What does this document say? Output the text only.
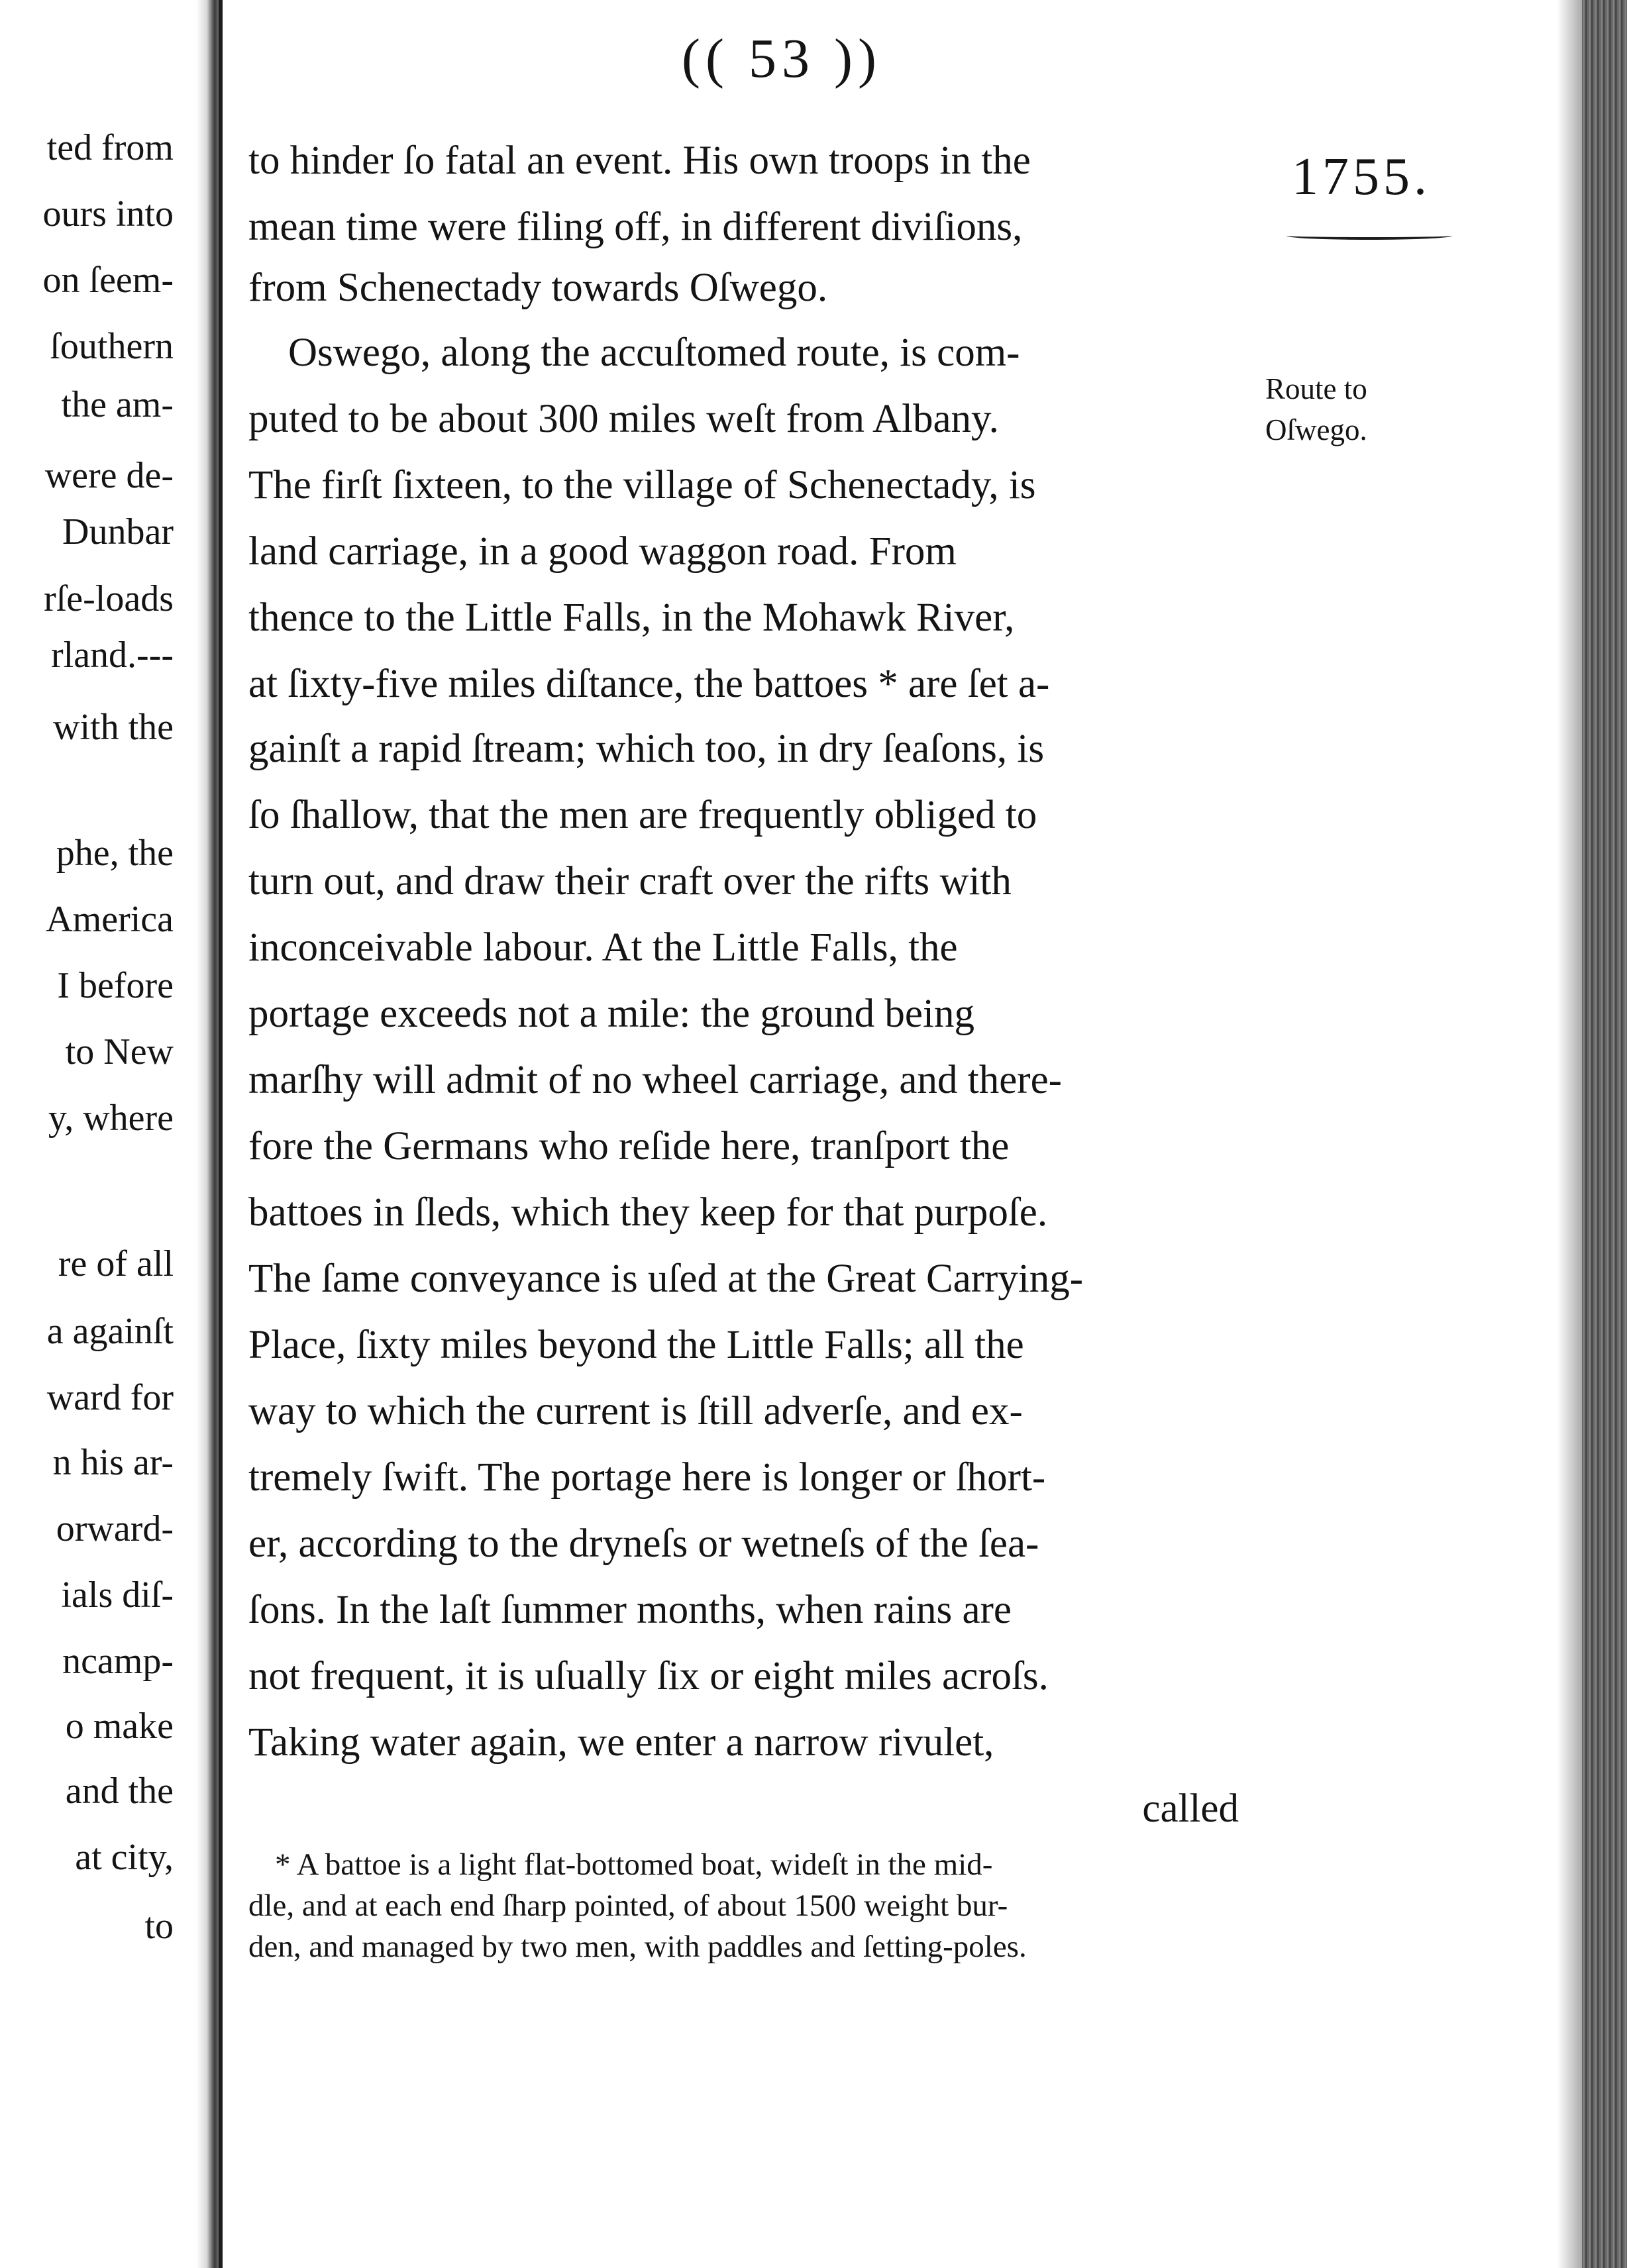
ted from
ours into
on ſeem-
ſouthern
the am-
were de-
Dunbar
rſe-loads
rland.---
with the
phe, the
America
I before
to New
y, where
re of all
a againſt
ward for
n his ar-
orward-
ials diſ-
ncamp-
o make
and the
at city,
to
(( 53 ))
1755.
Route to
Oſwego.
to hinder ſo fatal an event. His own troops in the
mean time were filing off, in different diviſions,
from Schenectady towards Oſwego.
Oswego, along the accuſtomed route, is com-
puted to be about 300 miles weſt from Albany.
The firſt ſixteen, to the village of Schenectady, is
land carriage, in a good waggon road. From
thence to the Little Falls, in the Mohawk River,
at ſixty-five miles diſtance, the battoes * are ſet a-
gainſt a rapid ſtream; which too, in dry ſeaſons, is
ſo ſhallow, that the men are frequently obliged to
turn out, and draw their craft over the rifts with
inconceivable labour. At the Little Falls, the
portage exceeds not a mile: the ground being
marſhy will admit of no wheel carriage, and there-
fore the Germans who reſide here, tranſport the
battoes in ſleds, which they keep for that purpoſe.
The ſame conveyance is uſed at the Great Carrying-
Place, ſixty miles beyond the Little Falls; all the
way to which the current is ſtill adverſe, and ex-
tremely ſwift. The portage here is longer or ſhort-
er, according to the dryneſs or wetneſs of the ſea-
ſons. In the laſt ſummer months, when rains are
not frequent, it is uſually ſix or eight miles acroſs.
Taking water again, we enter a narrow rivulet,
called
* A battoe is a light flat-bottomed boat, wideſt in the mid-
dle, and at each end ſharp pointed, of about 1500 weight bur-
den, and managed by two men, with paddles and ſetting-poles.
